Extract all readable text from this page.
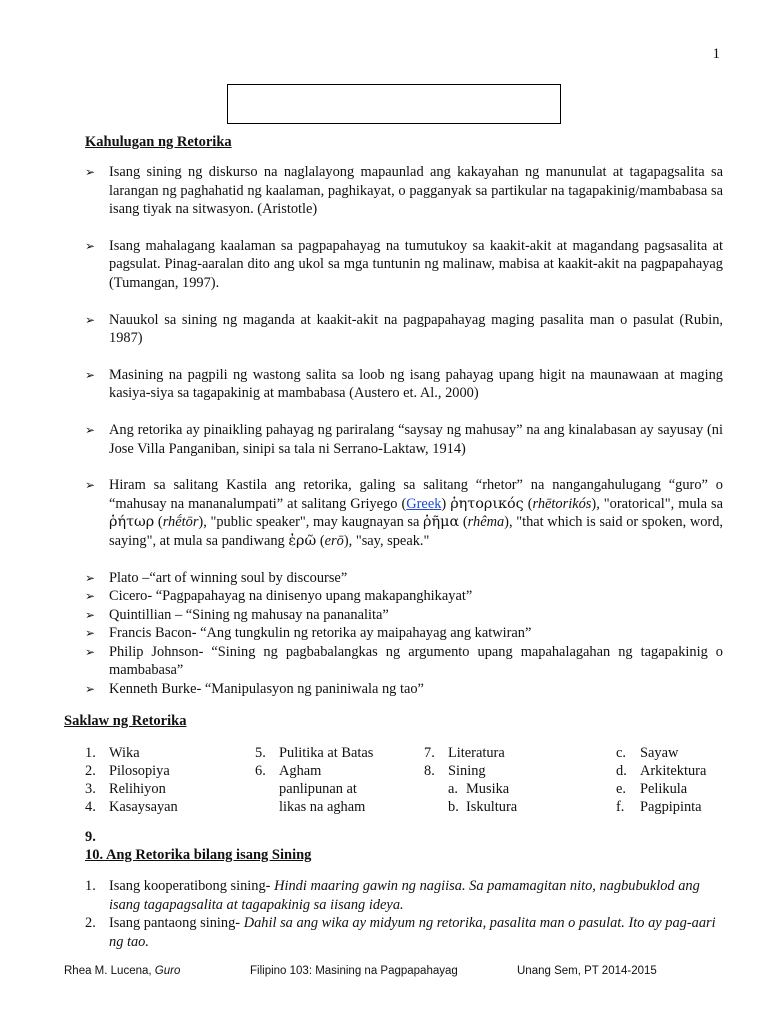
1
Kahulugan ng Retorika
➢ Isang sining ng diskurso na naglalayong mapaunlad ang kakayahan ng manunulat at tagapagsalita sa larangan ng paghahatid ng kaalaman, paghikayat, o pagganyak sa partikular na tagapakinig/mambabasa sa isang tiyak na sitwasyon. (Aristotle)
➢ Isang mahalagang kaalaman sa pagpapahayag na tumutukoy sa kaakit-akit at magandang pagsasalita at pagsulat. Pinag-aaralan dito ang ukol sa mga tuntunin ng malinaw, mabisa at kaakit-akit na pagpapahayag (Tumangan, 1997).
➢ Nauukol sa sining ng maganda at kaakit-akit na pagpapahayag maging pasalita man o pasulat (Rubin, 1987)
➢ Masining na pagpili ng wastong salita sa loob ng isang pahayag upang higit na maunawaan at maging kasiya-siya sa tagapakinig at mambabasa (Austero et. Al., 2000)
➢ Ang retorika ay pinaikling pahayag ng pariralang “saysay ng mahusay” na ang kinalabasan ay sayusay (ni Jose Villa Panganiban, sinipi sa tala ni Serrano-Laktaw, 1914)
➢ Hiram sa salitang Kastila ang retorika, galing sa salitang “rhetor” na nangangahulugang “guro” o “mahusay na mananalumpati” at salitang Griyego (Greek) ῥητορικός (rhētorikós), "oratorical", mula sa ῥήτωρ (rhḗtōr), "public speaker", may kaugnayan sa ῥῆμα (rhêma), "that which is said or spoken, word, saying", at mula sa pandiwang ἐρῶ (erō), "say, speak."
➢ Plato –“art of winning soul by discourse”
➢ Cicero- “Pagpapahayag na dinisenyo upang makapanghikayat”
➢ Quintillian – “Sining ng mahusay na pananalita”
➢ Francis Bacon- “Ang tungkulin ng retorika ay maipahayag ang katwiran”
➢ Philip Johnson- “Sining ng pagbabalangkas ng argumento upang mapahalagahan ng tagapakinig o mambabasa”
➢ Kenneth Burke- “Manipulasyon ng paniniwala ng tao”
Saklaw ng Retorika
1. Wika
2. Pilosopiya
3. Relihiyon
4. Kasaysayan
5. Pulitika at Batas
6. Agham panlipunan at likas na agham
7. Literatura
8. Sining
a. Musika
b. Iskultura
c. Sayaw
d. Arkitektura
e. Pelikula
f. Pagpipinta
9.
10. Ang Retorika bilang isang Sining
1. Isang kooperatibong sining- Hindi maaring gawin ng nagiisa. Sa pamamagitan nito, nagbubuklod ang isang tagapagsalita at tagapakinig sa iisang ideya.
2. Isang pantaong sining- Dahil sa ang wika ay midyum ng retorika, pasalita man o pasulat. Ito ay pag-aari ng tao.
Rhea M. Lucena, Guro	Filipino 103: Masining na Pagpapahayag	Unang Sem, PT 2014-2015
